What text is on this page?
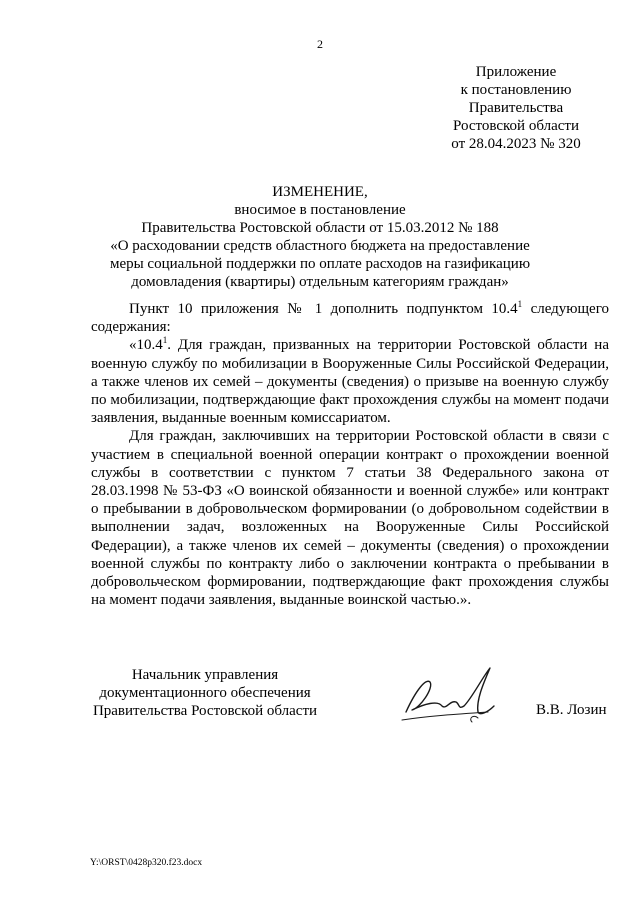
2
Приложение
к постановлению
Правительства
Ростовской области
от 28.04.2023 № 320
ИЗМЕНЕНИЕ,
вносимое в постановление
Правительства Ростовской области от 15.03.2012 № 188
«О расходовании средств областного бюджета на предоставление
меры социальной поддержки по оплате расходов на газификацию
домовладения (квартиры) отдельным категориям граждан»

Пункт 10 приложения № 1 дополнить подпунктом 10.4$^1$ следующего содержания:

«10.4$^1$. Для граждан, призванных на территории Ростовской области на военную службу по мобилизации в Вооруженные Силы Российской Федерации, а также членов их семей – документы (сведения) о призыве на военную службу по мобилизации, подтверждающие факт прохождения службы на момент подачи заявления, выданные военным комиссариатом.

Для граждан, заключивших на территории Ростовской области в связи с участием в специальной военной операции контракт о прохождении военной службы в соответствии с пунктом 7 статьи 38 Федерального закона от 28.03.1998 № 53-ФЗ «О воинской обязанности и военной службе» или контракт о пребывании в добровольческом формировании (о добровольном содействии в выполнении задач, возложенных на Вооруженные Силы Российской Федерации), а также членов их семей – документы (сведения) о прохождении военной службы по контракту либо о заключении контракта о пребывании в добровольческом формировании, подтверждающие факт прохождения службы на момент подачи заявления, выданные воинской частью.».

Начальник управления
документационного обеспечения
Правительства Ростовской области	В.В. Лозин
Y:\ORST\0428p320.f23.docx
